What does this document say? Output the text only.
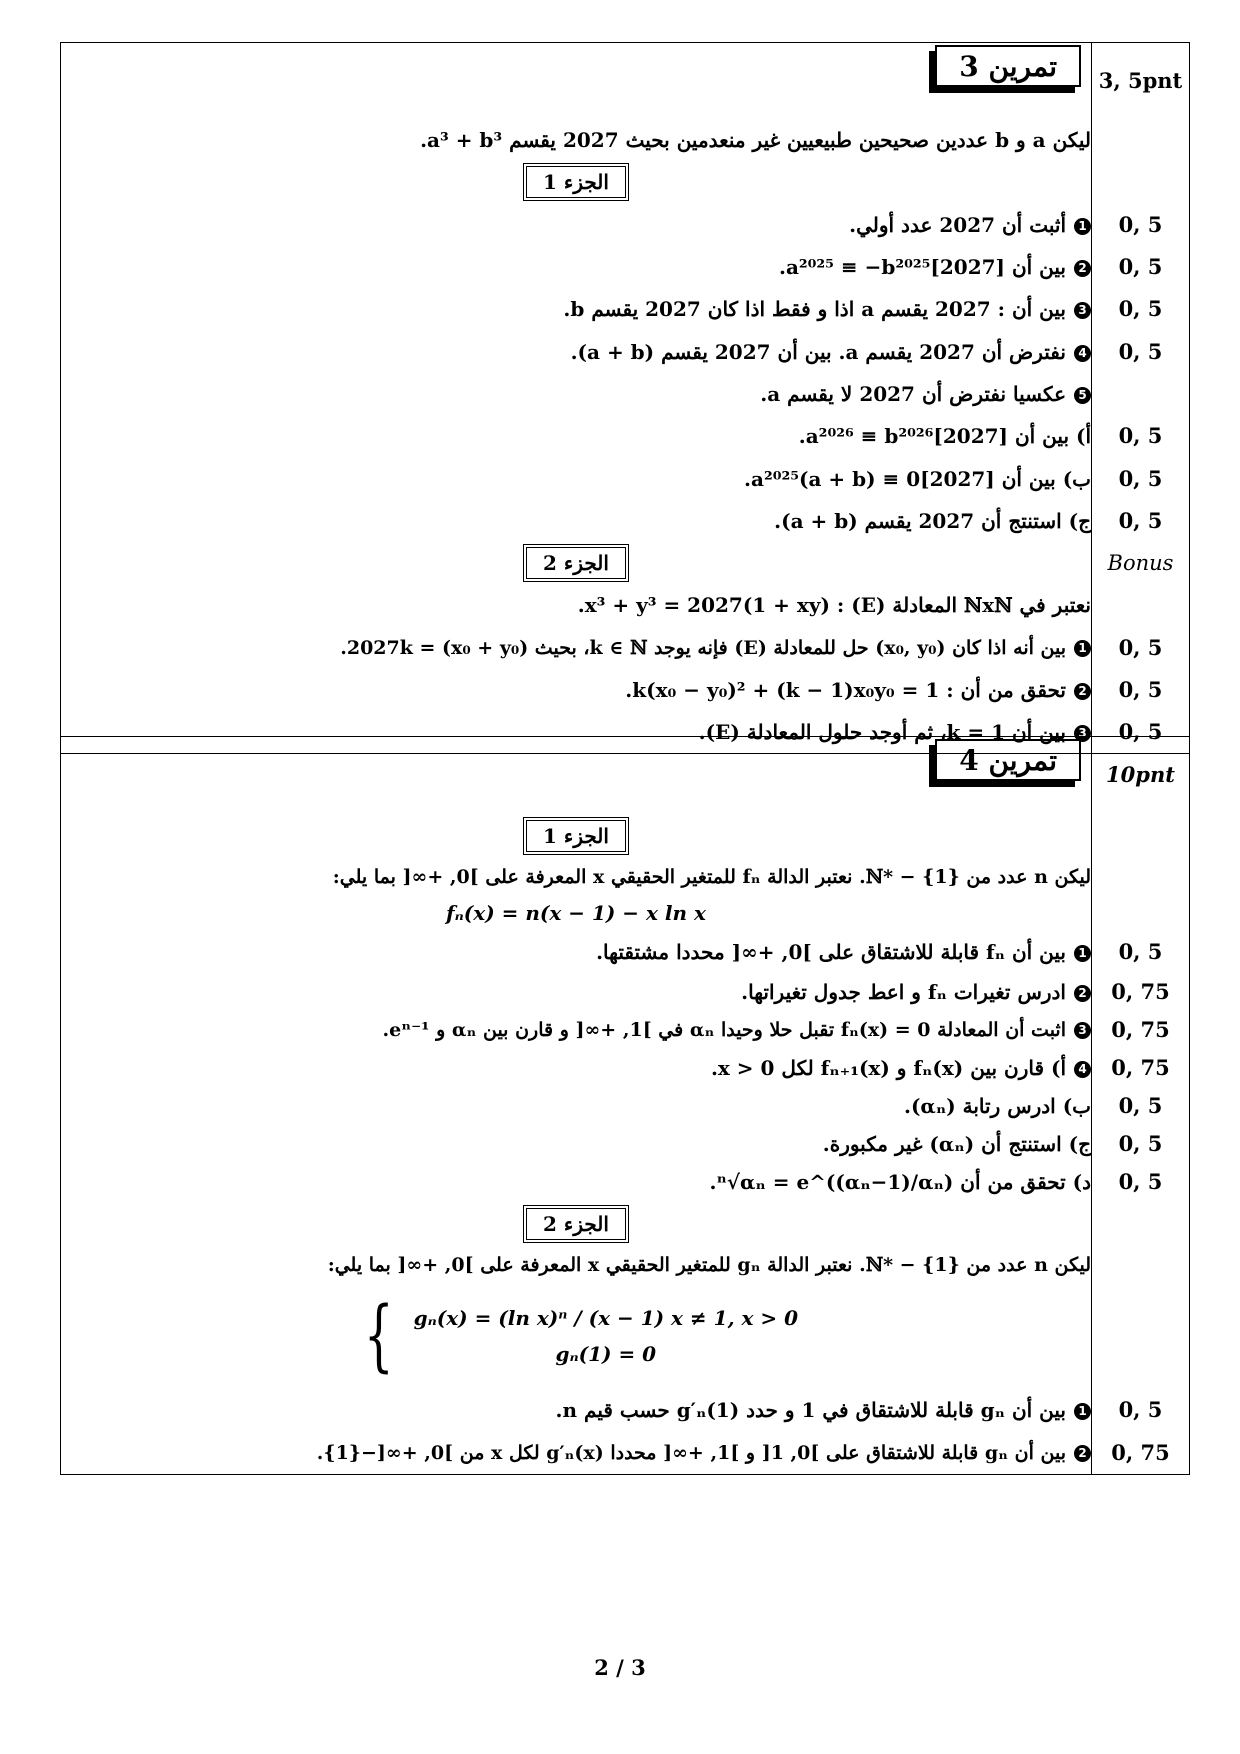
تمرين 3	3, 5pnt
ليكن a و b عددين صحيحين طبيعيين غير منعدمين بحيث 2027 يقسم a³ + b³.	
الجزء 1	
1أثبت أن 2027 عدد أولي.	0, 5
2بين أن a²⁰²⁵ ≡ −b²⁰²⁵[2027].	0, 5
3بين أن : 2027 يقسم a اذا و فقط اذا كان 2027 يقسم b.	0, 5
4نفترض أن 2027 يقسم a. بين أن 2027 يقسم (a + b).	0, 5
5عكسيا نفترض أن 2027 لا يقسم a.	
أ) بين أن a²⁰²⁶ ≡ b²⁰²⁶[2027].	0, 5
ب) بين أن a²⁰²⁵(a + b) ≡ 0[2027].	0, 5
ج) استنتج أن 2027 يقسم (a + b).	0, 5
الجزء 2	Bonus
نعتبر في ℕxℕ المعادلة (E) : x³ + y³ = 2027(1 + xy).	
1بين أنه اذا كان (x₀, y₀) حل للمعادلة (E) فإنه يوجد k ∈ ℕ، بحيث (x₀ + y₀) = 2027k.	0, 5
2تحقق من أن : k(x₀ − y₀)² + (k − 1)x₀y₀ = 1.	0, 5
3بين أن k = 1، ثم أوجد حلول المعادلة (E).	0, 5
تمرين 4	10pnt
الجزء 1	
ليكن n عدد من ℕ* − {1}. نعتبر الدالة fₙ للمتغير الحقيقي x المعرفة على ]0, +∞[ بما يلي:	
fₙ(x) = n(x − 1) − x ln x	
1بين أن fₙ قابلة للاشتقاق على ]0, +∞[ محددا مشتقتها.	0, 5
2ادرس تغيرات fₙ و اعط جدول تغيراتها.	0, 75
3اثبت أن المعادلة fₙ(x) = 0 تقبل حلا وحيدا αₙ في ]1, +∞[ و قارن بين αₙ و eⁿ⁻¹.	0, 75
4أ) قارن بين fₙ(x) و fₙ₊₁(x) لكل x > 0.	0, 75
ب) ادرس رتابة (αₙ).	0, 5
ج) استنتج أن (αₙ) غير مكبورة.	0, 5
د) تحقق من أن ⁿ√αₙ = e^((αₙ−1)/αₙ).	0, 5
الجزء 2	
ليكن n عدد من ℕ* − {1}. نعتبر الدالة gₙ للمتغير الحقيقي x المعرفة على ]0, +∞[ بما يلي:	

{ gₙ(x) = (ln x)ⁿ / (x − 1) x ≠ 1, x > 0
gₙ(1) = 0	

1بين أن gₙ قابلة للاشتقاق في 1 و حدد g′ₙ(1) حسب قيم n.	0, 5
2بين أن gₙ قابلة للاشتقاق على ]0, 1[ و ]1, +∞[ محددا g′ₙ(x) لكل x من ]0, +∞[−{1}.	0, 75
2 / 3
